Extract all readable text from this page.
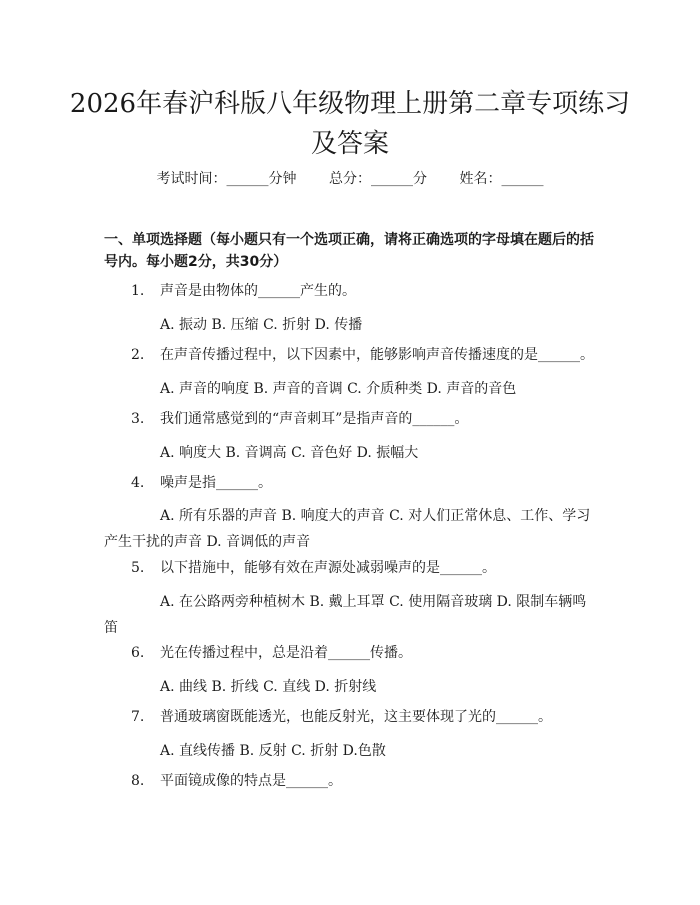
2026年春沪科版八年级物理上册第二章专项练习及答案
考试时间：______分钟 总分：______分 姓名：______
一、单项选择题（每小题只有一个选项正确，请将正确选项的字母填在题后的括号内。每小题2分，共30分）
1. 声音是由物体的______产生的。
A. 振动 B. 压缩 C. 折射 D. 传播
2. 在声音传播过程中，以下因素中，能够影响声音传播速度的是______。
A. 声音的响度 B. 声音的音调 C. 介质种类 D. 声音的音色
3. 我们通常感觉到的“声音刺耳”是指声音的______。
A. 响度大 B. 音调高 C. 音色好 D. 振幅大
4. 噪声是指______。
A. 所有乐器的声音 B. 响度大的声音 C. 对人们正常休息、工作、学习产生干扰的声音 D. 音调低的声音
5. 以下措施中，能够有效在声源处减弱噪声的是______。
A. 在公路两旁种植树木 B. 戴上耳罩 C. 使用隔音玻璃 D. 限制车辆鸣笛
6. 光在传播过程中，总是沿着______传播。
A. 曲线 B. 折线 C. 直线 D. 折射线
7. 普通玻璃窗既能透光，也能反射光，这主要体现了光的______。
A. 直线传播 B. 反射 C. 折射 D.色散
8. 平面镜成像的特点是______。
